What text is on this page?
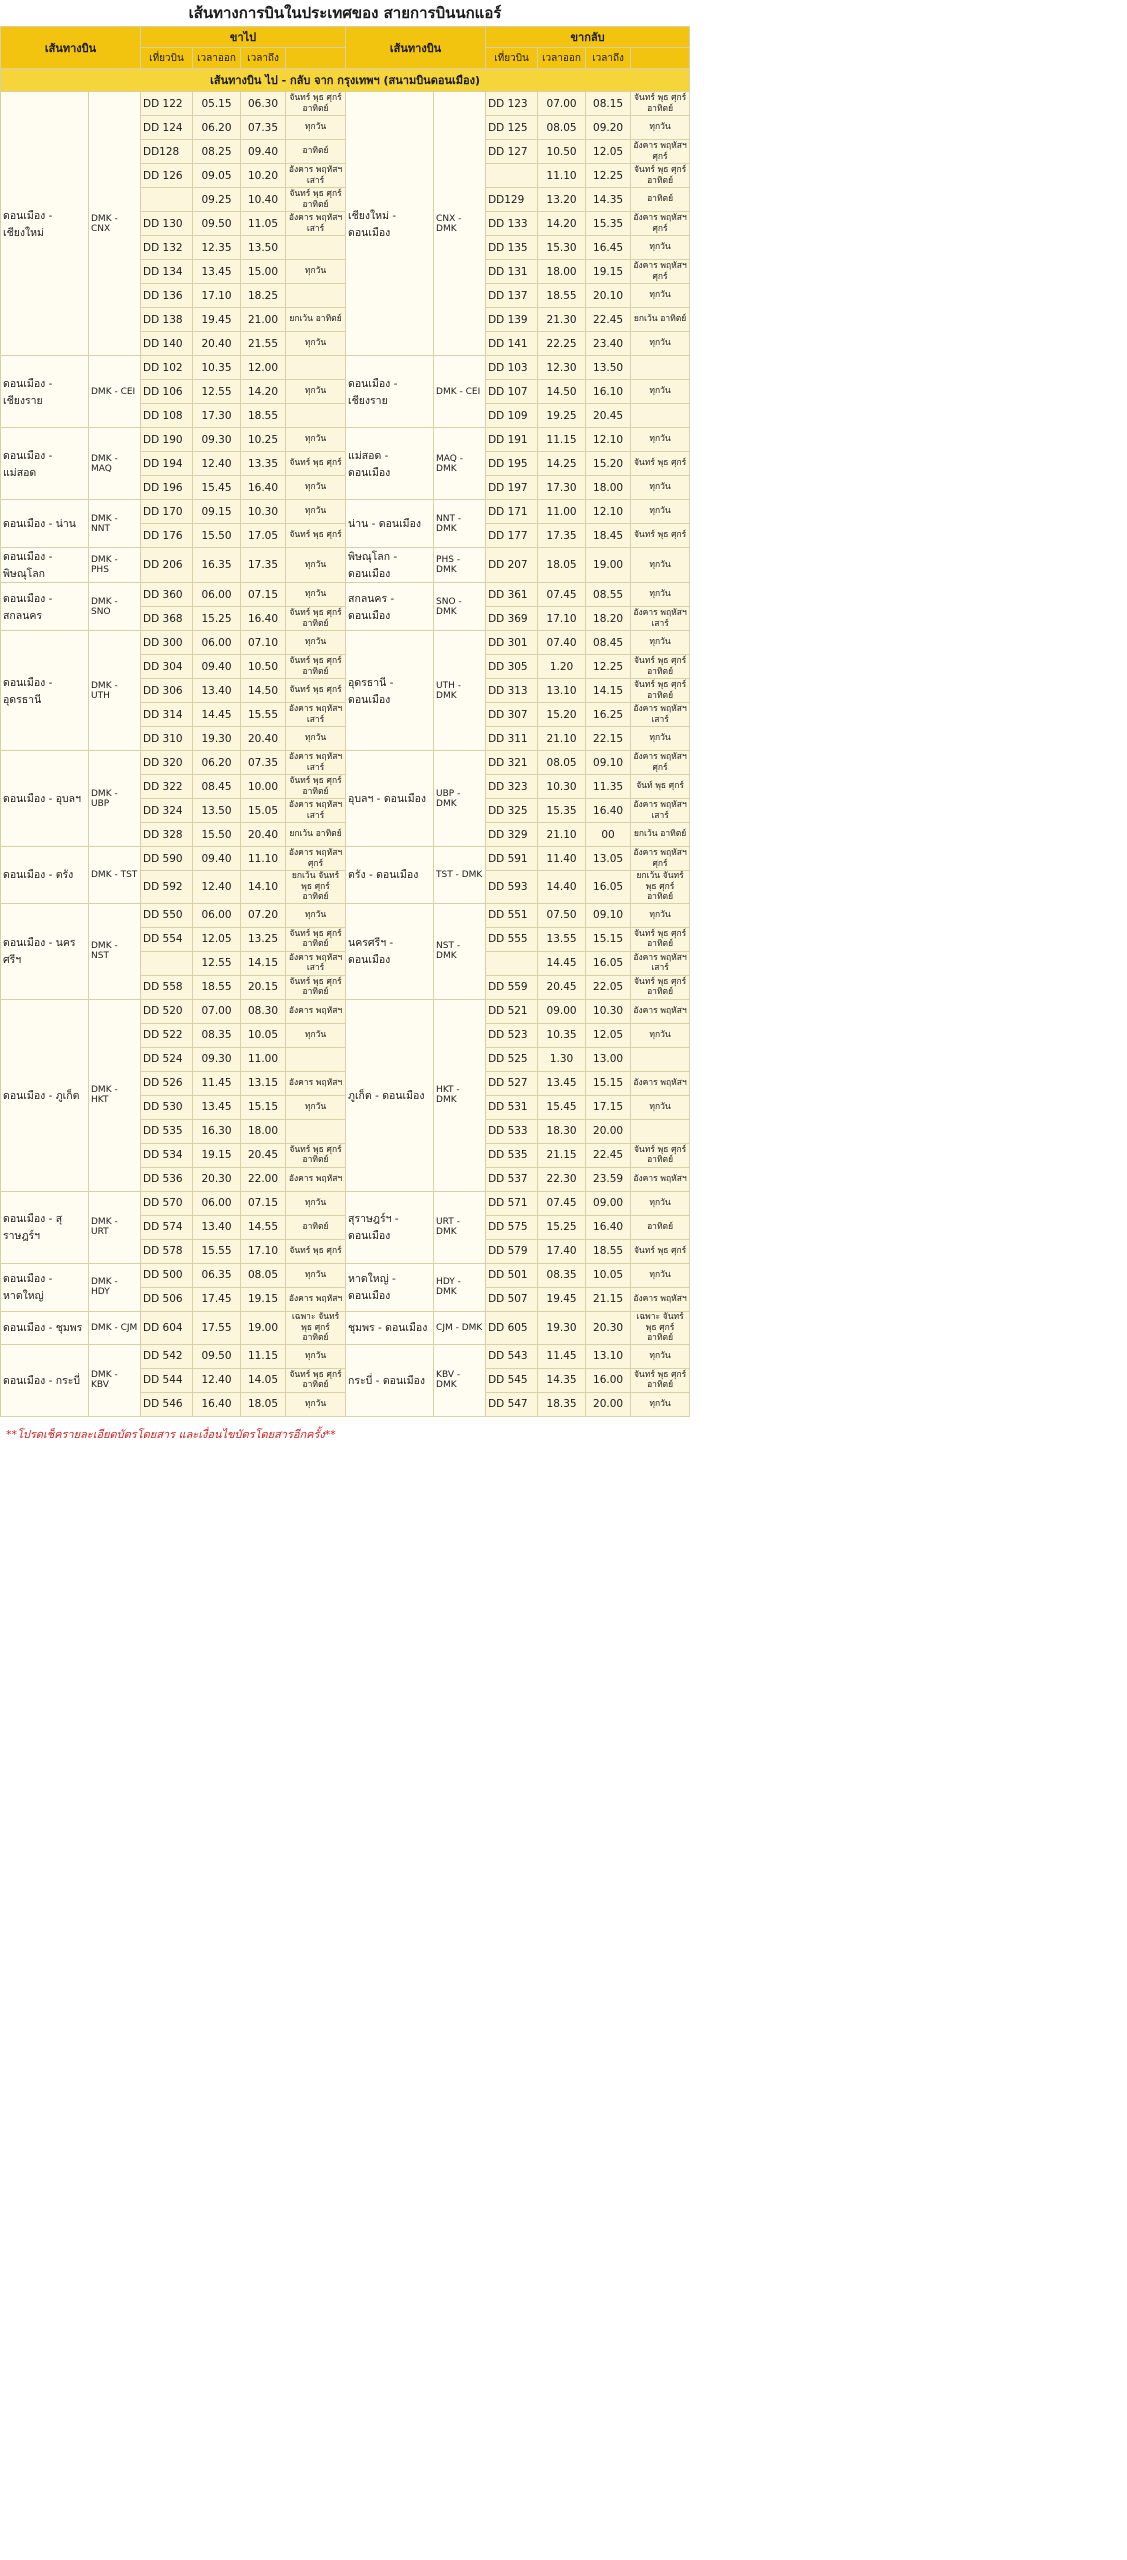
เส้นทางการบินในประเทศของ สายการบินนกแอร์
เส้นทางบิน		ขาไป				เส้นทางบิน		ขากลับ			
		เที่ยวบิน	เวลาออก	เวลาถึง				เที่ยวบิน	เวลาออก	เวลาถึง	
เส้นทางบิน ไป - กลับ จาก กรุงเทพฯ (สนามบินดอนเมือง)											
ดอนเมือง - เชียงใหม่	DMK - CNX	DD 122	05.15	06.30	จันทร์ พุธ ศุกร์ อาทิตย์	เชียงใหม่ - ดอนเมือง	CNX - DMK	DD 123	07.00	08.15	จันทร์ พุธ ศุกร์ อาทิตย์
		DD 124	06.20	07.35	ทุกวัน			DD 125	08.05	09.20	ทุกวัน
		DD128	08.25	09.40	อาทิตย์			DD 127	10.50	12.05	อังคาร พฤหัสฯ ศุกร์
		DD 126	09.05	10.20	อังคาร พฤหัสฯ เสาร์				11.10	12.25	จันทร์ พุธ ศุกร์ อาทิตย์
			09.25	10.40	จันทร์ พุธ ศุกร์ อาทิตย์			DD129	13.20	14.35	อาทิตย์
		DD 130	09.50	11.05	อังคาร พฤหัสฯ เสาร์			DD 133	14.20	15.35	อังคาร พฤหัสฯ ศุกร์
		DD 132	12.35	13.50				DD 135	15.30	16.45	ทุกวัน
		DD 134	13.45	15.00	ทุกวัน			DD 131	18.00	19.15	อังคาร พฤหัสฯ ศุกร์
		DD 136	17.10	18.25				DD 137	18.55	20.10	ทุกวัน
		DD 138	19.45	21.00	ยกเว้น อาทิตย์			DD 139	21.30	22.45	ยกเว้น อาทิตย์
		DD 140	20.40	21.55	ทุกวัน			DD 141	22.25	23.40	ทุกวัน
ดอนเมือง - เชียงราย	DMK - CEI	DD 102	10.35	12.00		ดอนเมือง - เชียงราย	DMK - CEI	DD 103	12.30	13.50	
		DD 106	12.55	14.20	ทุกวัน			DD 107	14.50	16.10	ทุกวัน
		DD 108	17.30	18.55				DD 109	19.25	20.45	
ดอนเมือง - แม่สอด	DMK - MAQ	DD 190	09.30	10.25	ทุกวัน	แม่สอด - ดอนเมือง	MAQ - DMK	DD 191	11.15	12.10	ทุกวัน
		DD 194	12.40	13.35	จันทร์ พุธ ศุกร์			DD 195	14.25	15.20	จันทร์ พุธ ศุกร์
		DD 196	15.45	16.40	ทุกวัน			DD 197	17.30	18.00	ทุกวัน
ดอนเมือง - น่าน	DMK - NNT	DD 170	09.15	10.30	ทุกวัน	น่าน - ดอนเมือง	NNT - DMK	DD 171	11.00	12.10	ทุกวัน
		DD 176	15.50	17.05	จันทร์ พุธ ศุกร์			DD 177	17.35	18.45	จันทร์ พุธ ศุกร์
ดอนเมือง - พิษณุโลก	DMK - PHS	DD 206	16.35	17.35	ทุกวัน	พิษณุโลก - ดอนเมือง	PHS - DMK	DD 207	18.05	19.00	ทุกวัน
ดอนเมือง - สกลนคร	DMK - SNO	DD 360	06.00	07.15	ทุกวัน	สกลนคร - ดอนเมือง	SNO - DMK	DD 361	07.45	08.55	ทุกวัน
		DD 368	15.25	16.40	จันทร์ พุธ ศุกร์ อาทิตย์			DD 369	17.10	18.20	อังคาร พฤหัสฯ เสาร์
ดอนเมือง - อุดรธานี	DMK - UTH	DD 300	06.00	07.10	ทุกวัน	อุดรธานี - ดอนเมือง	UTH - DMK	DD 301	07.40	08.45	ทุกวัน
		DD 304	09.40	10.50	จันทร์ พุธ ศุกร์ อาทิตย์			DD 305	1.20	12.25	จันทร์ พุธ ศุกร์ อาทิตย์
		DD 306	13.40	14.50	จันทร์ พุธ ศุกร์			DD 313	13.10	14.15	จันทร์ พุธ ศุกร์ อาทิตย์
		DD 314	14.45	15.55	อังคาร พฤหัสฯ เสาร์			DD 307	15.20	16.25	อังคาร พฤหัสฯ เสาร์
		DD 310	19.30	20.40	ทุกวัน			DD 311	21.10	22.15	ทุกวัน
ดอนเมือง - อุบลฯ	DMK - UBP	DD 320	06.20	07.35	อังคาร พฤหัสฯ เสาร์	อุบลฯ - ดอนเมือง	UBP - DMK	DD 321	08.05	09.10	อังคาร พฤหัสฯ ศุกร์
		DD 322	08.45	10.00	จันทร์ พุธ ศุกร์ อาทิตย์			DD 323	10.30	11.35	จันท์ พุธ ศุกร์
		DD 324	13.50	15.05	อังคาร พฤหัสฯ เสาร์			DD 325	15.35	16.40	อังคาร พฤหัสฯ เสาร์
		DD 328	15.50	20.40	ยกเว้น อาทิตย์			DD 329	21.10	00	ยกเว้น อาทิตย์
ดอนเมือง - ตรัง	DMK - TST	DD 590	09.40	11.10	อังคาร พฤหัสฯ ศุกร์	ตรัง - ดอนเมือง	TST - DMK	DD 591	11.40	13.05	อังคาร พฤหัสฯ ศุกร์
		DD 592	12.40	14.10	ยกเว้น จันทร์ พุธ ศุกร์ อาทิตย์			DD 593	14.40	16.05	ยกเว้น จันทร์ พุธ ศุกร์ อาทิตย์
ดอนเมือง - นครศรีฯ	DMK - NST	DD 550	06.00	07.20	ทุกวัน	นครศรีฯ - ดอนเมือง	NST - DMK	DD 551	07.50	09.10	ทุกวัน
		DD 554	12.05	13.25	จันทร์ พุธ ศุกร์ อาทิตย์			DD 555	13.55	15.15	จันทร์ พุธ ศุกร์ อาทิตย์
			12.55	14.15	อังคาร พฤหัสฯ เสาร์				14.45	16.05	อังคาร พฤหัสฯ เสาร์
		DD 558	18.55	20.15	จันทร์ พุธ ศุกร์ อาทิตย์			DD 559	20.45	22.05	จันทร์ พุธ ศุกร์ อาทิตย์
ดอนเมือง - ภูเก็ต	DMK - HKT	DD 520	07.00	08.30	อังคาร พฤหัสฯ	ภูเก็ต - ดอนเมือง	HKT - DMK	DD 521	09.00	10.30	อังคาร พฤหัสฯ
		DD 522	08.35	10.05	ทุกวัน			DD 523	10.35	12.05	ทุกวัน
		DD 524	09.30	11.00				DD 525	1.30	13.00	
		DD 526	11.45	13.15	อังคาร พฤหัสฯ			DD 527	13.45	15.15	อังคาร พฤหัสฯ
		DD 530	13.45	15.15	ทุกวัน			DD 531	15.45	17.15	ทุกวัน
		DD 535	16.30	18.00				DD 533	18.30	20.00	
		DD 534	19.15	20.45	จันทร์ พุธ ศุกร์ อาทิตย์			DD 535	21.15	22.45	จันทร์ พุธ ศุกร์ อาทิตย์
		DD 536	20.30	22.00	อังคาร พฤหัสฯ			DD 537	22.30	23.59	อังคาร พฤหัสฯ
ดอนเมือง - สุราษฎร์ฯ	DMK - URT	DD 570	06.00	07.15	ทุกวัน	สุราษฎร์ฯ - ดอนเมือง	URT - DMK	DD 571	07.45	09.00	ทุกวัน
		DD 574	13.40	14.55	อาทิตย์			DD 575	15.25	16.40	อาทิตย์
		DD 578	15.55	17.10	จันทร์ พุธ ศุกร์			DD 579	17.40	18.55	จันทร์ พุธ ศุกร์
ดอนเมือง - หาดใหญ่	DMK - HDY	DD 500	06.35	08.05	ทุกวัน	หาดใหญ่ - ดอนเมือง	HDY - DMK	DD 501	08.35	10.05	ทุกวัน
		DD 506	17.45	19.15	อังคาร พฤหัสฯ			DD 507	19.45	21.15	อังคาร พฤหัสฯ
ดอนเมือง - ชุมพร	DMK - CJM	DD 604	17.55	19.00	เฉพาะ จันทร์ พุธ ศุกร์ อาทิตย์	ชุมพร - ดอนเมือง	CJM - DMK	DD 605	19.30	20.30	เฉพาะ จันทร์ พุธ ศุกร์ อาทิตย์
ดอนเมือง - กระบี่	DMK - KBV	DD 542	09.50	11.15	ทุกวัน	กระบี่ - ดอนเมือง	KBV - DMK	DD 543	11.45	13.10	ทุกวัน
		DD 544	12.40	14.05	จันทร์ พุธ ศุกร์ อาทิตย์			DD 545	14.35	16.00	จันทร์ พุธ ศุกร์ อาทิตย์
		DD 546	16.40	18.05	ทุกวัน			DD 547	18.35	20.00	ทุกวัน
**โปรดเช็ครายละเอียดบัตรโดยสาร และเงื่อนไขบัตรโดยสารอีกครั้ง**
